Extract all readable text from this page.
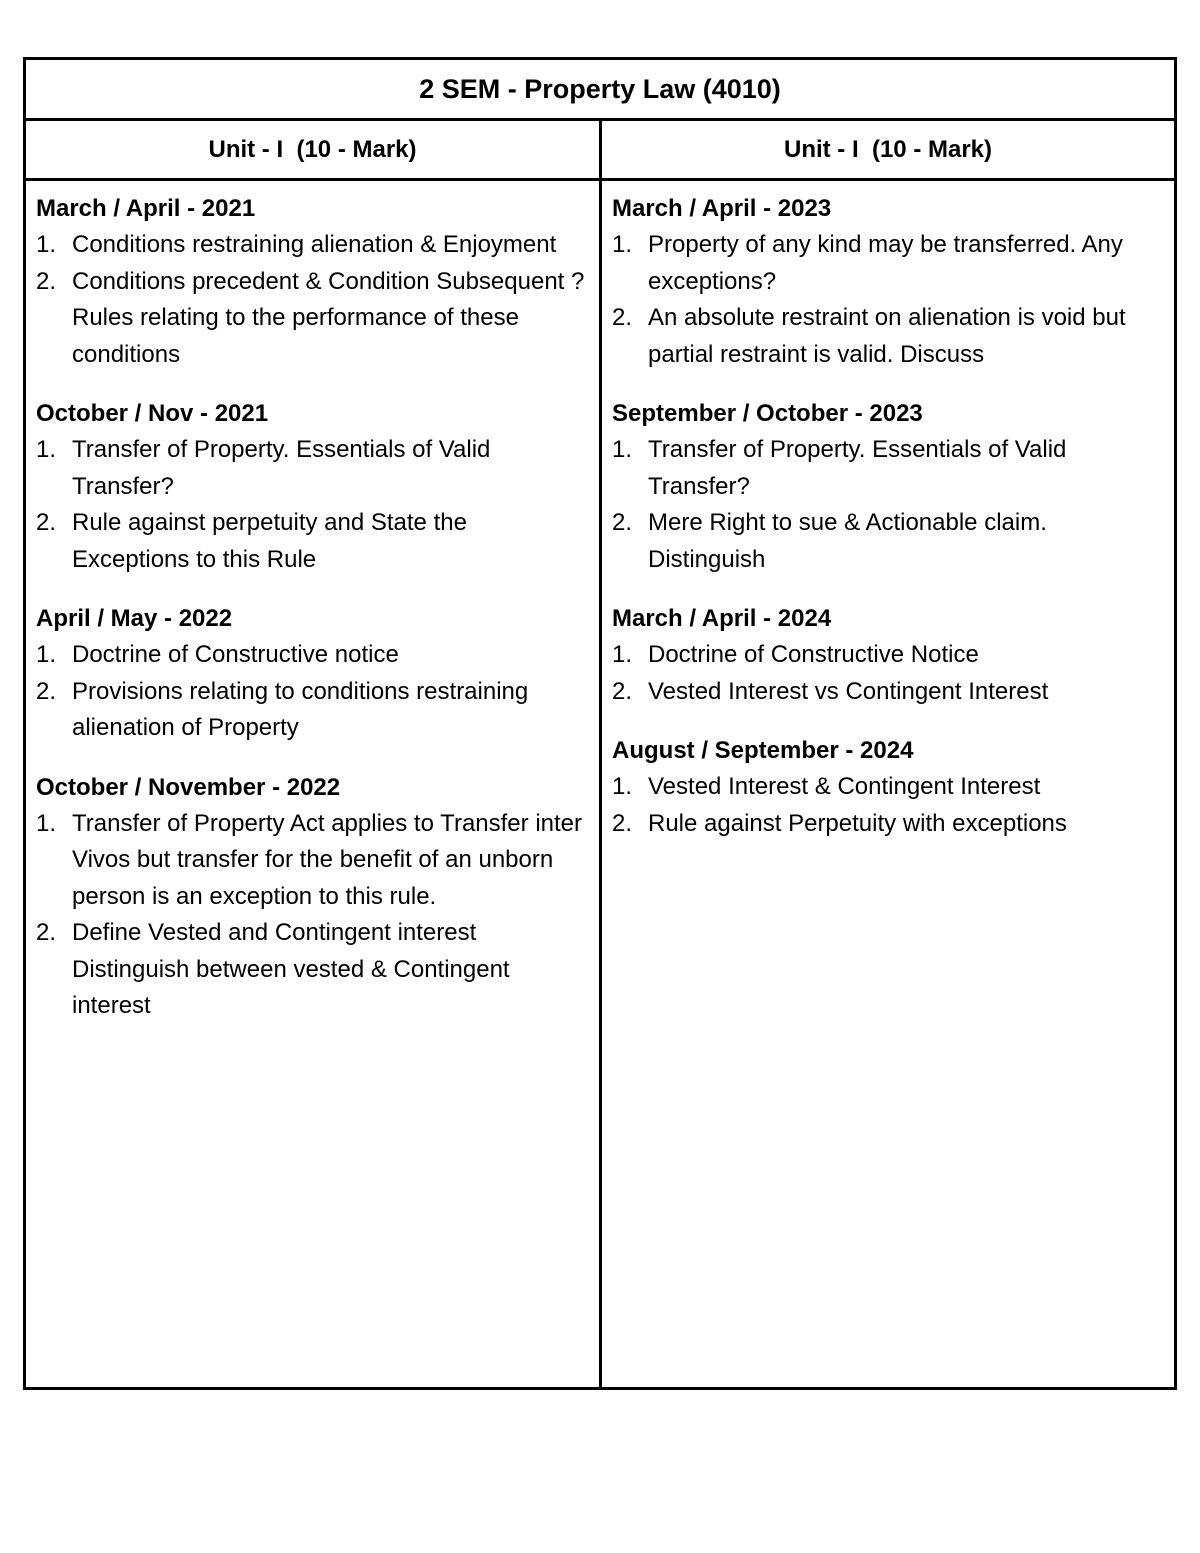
2 SEM - Property Law (4010)
Unit - I  (10 - Mark)	Unit - I  (10 - Mark)
March / April - 2021
1. Conditions restraining alienation & Enjoyment
2. Conditions precedent & Condition Subsequent ? Rules relating to the performance of these conditions
October / Nov - 2021
1. Transfer of Property. Essentials of Valid Transfer?
2. Rule against perpetuity and State the Exceptions to this Rule
April / May - 2022
1. Doctrine of Constructive notice
2. Provisions relating to conditions restraining alienation of Property
October / November - 2022
1. Transfer of Property Act applies to Transfer inter Vivos but transfer for the benefit of an unborn person is an exception to this rule.
2. Define Vested and Contingent interest Distinguish between vested & Contingent interest
March / April - 2023
1. Property of any kind may be transferred. Any exceptions?
2. An absolute restraint on alienation is void but partial restraint is valid. Discuss
September / October - 2023
1. Transfer of Property. Essentials of Valid Transfer?
2. Mere Right to sue & Actionable claim. Distinguish
March / April - 2024
1. Doctrine of Constructive Notice
2. Vested Interest vs Contingent Interest
August / September - 2024
1. Vested Interest & Contingent Interest
2. Rule against Perpetuity with exceptions
